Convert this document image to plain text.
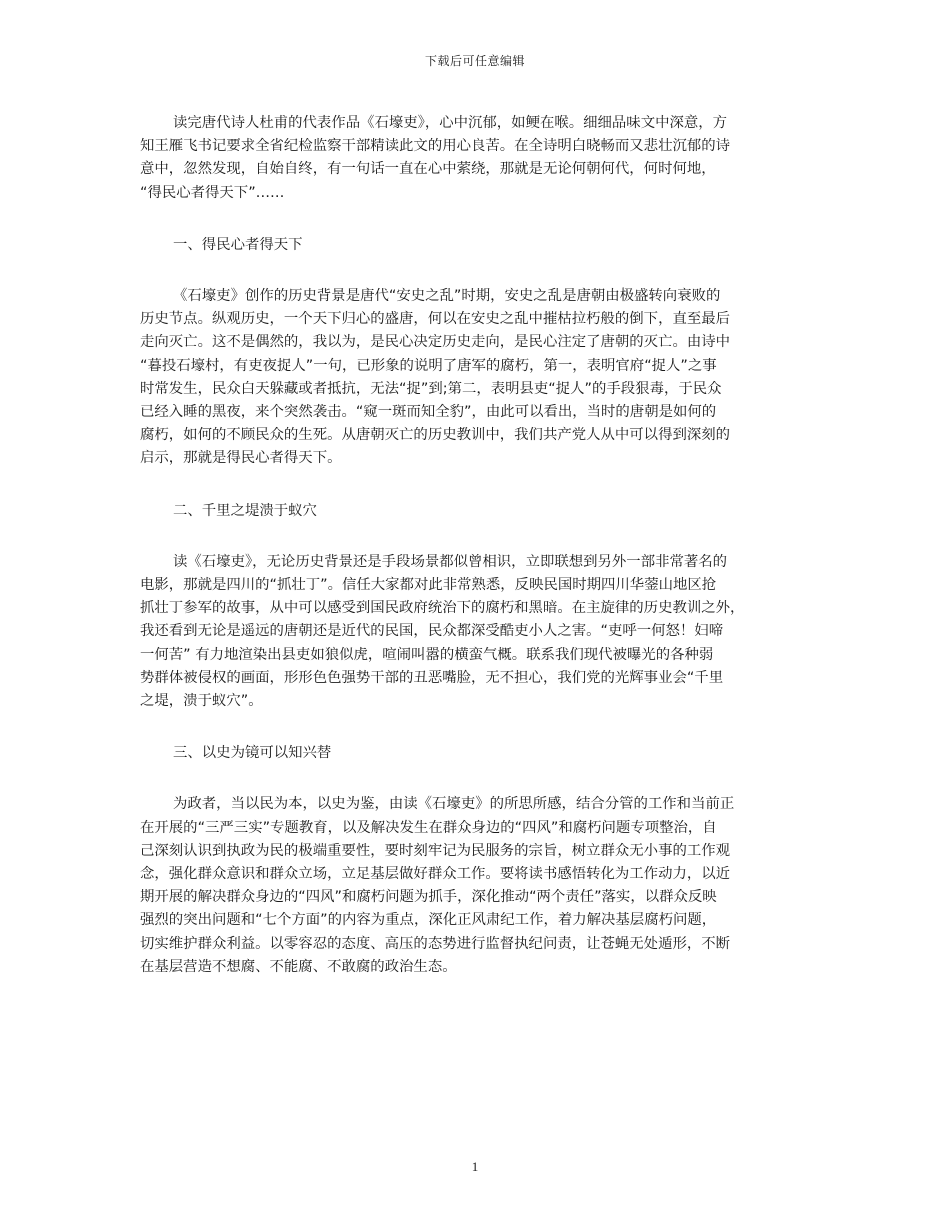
下载后可任意编辑
读完唐代诗人杜甫的代表作品《石壕吏》，心中沉郁，如鲠在喉。细细品味文中深意，方
知王雁飞书记要求全省纪检监察干部精读此文的用心良苦。在全诗明白晓畅而又悲壮沉郁的诗
意中，忽然发现，自始自终，有一句话一直在心中萦绕，那就是无论何朝何代，何时何地，
“得民心者得天下”……
一、得民心者得天下
《石壕吏》创作的历史背景是唐代“安史之乱”时期，安史之乱是唐朝由极盛转向衰败的
历史节点。纵观历史，一个天下归心的盛唐，何以在安史之乱中摧枯拉朽般的倒下，直至最后
走向灭亡。这不是偶然的，我以为，是民心决定历史走向，是民心注定了唐朝的灭亡。由诗中
“暮投石壕村，有吏夜捉人”一句，已形象的说明了唐军的腐朽，第一，表明官府“捉人”之事
时常发生，民众白天躲藏或者抵抗，无法“捉”到;第二，表明县吏“捉人”的手段狠毒，于民众
已经入睡的黑夜，来个突然袭击。“窥一斑而知全豹”，由此可以看出，当时的唐朝是如何的
腐朽，如何的不顾民众的生死。从唐朝灭亡的历史教训中，我们共产党人从中可以得到深刻的
启示，那就是得民心者得天下。
二、千里之堤溃于蚁穴
读《石壕吏》，无论历史背景还是手段场景都似曾相识，立即联想到另外一部非常著名的
电影，那就是四川的“抓壮丁”。信任大家都对此非常熟悉，反映民国时期四川华蓥山地区抢
抓壮丁参军的故事，从中可以感受到国民政府统治下的腐朽和黑暗。在主旋律的历史教训之外，
我还看到无论是遥远的唐朝还是近代的民国，民众都深受酷吏小人之害。“吏呼一何怒！妇啼
一何苦” 有力地渲染出县吏如狼似虎，喧闹叫嚣的横蛮气概。联系我们现代被曝光的各种弱
势群体被侵权的画面，形形色色强势干部的丑恶嘴脸，无不担心，我们党的光辉事业会“千里
之堤，溃于蚁穴”。
三、以史为镜可以知兴替
为政者，当以民为本，以史为鉴，由读《石壕吏》的所思所感，结合分管的工作和当前正
在开展的“三严三实”专题教育，以及解决发生在群众身边的“四风”和腐朽问题专项整治，自
己深刻认识到执政为民的极端重要性，要时刻牢记为民服务的宗旨，树立群众无小事的工作观
念，强化群众意识和群众立场，立足基层做好群众工作。要将读书感悟转化为工作动力，以近
期开展的解决群众身边的“四风”和腐朽问题为抓手，深化推动“两个责任”落实，以群众反映
强烈的突出问题和“七个方面”的内容为重点，深化正风肃纪工作，着力解决基层腐朽问题，
切实维护群众利益。以零容忍的态度、高压的态势进行监督执纪问责，让苍蝇无处遁形，不断
在基层营造不想腐、不能腐、不敢腐的政治生态。
1
